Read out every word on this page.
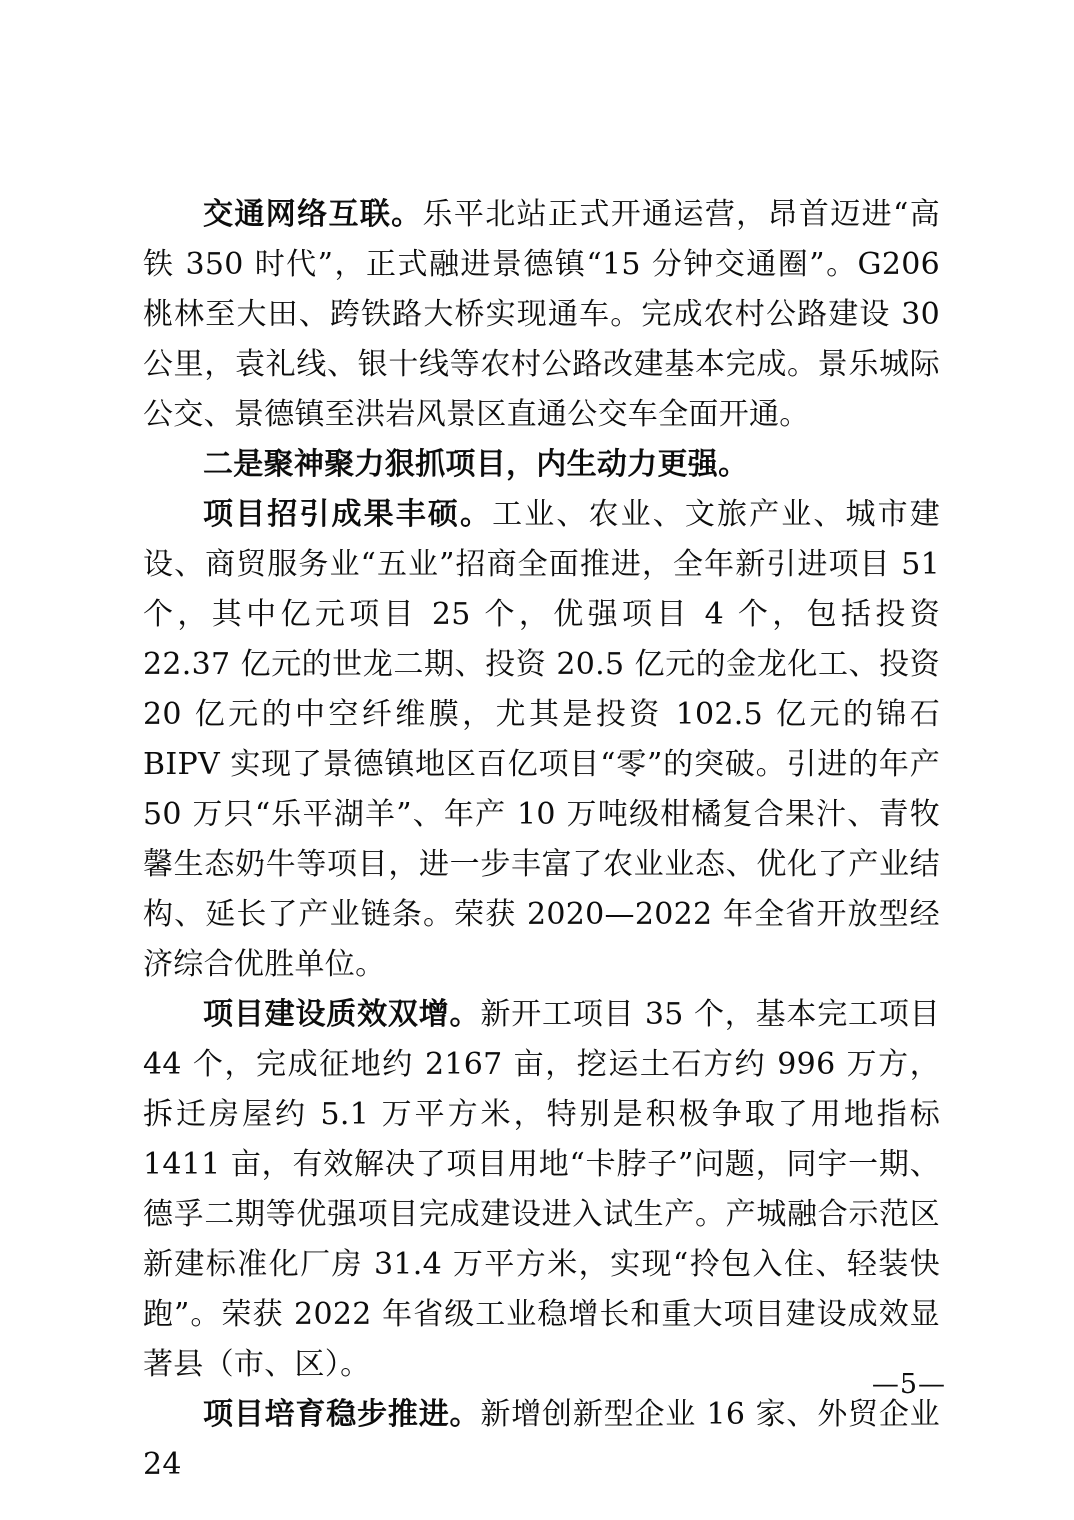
交通网络互联。乐平北站正式开通运营，昂首迈进“高铁 350 时代”，正式融进景德镇“15 分钟交通圈”。G206 桃林至大田、跨铁路大桥实现通车。完成农村公路建设 30 公里，袁礼线、银十线等农村公路改建基本完成。景乐城际公交、景德镇至洪岩风景区直通公交车全面开通。

二是聚神聚力狠抓项目，内生动力更强。

项目招引成果丰硕。工业、农业、文旅产业、城市建设、商贸服务业“五业”招商全面推进，全年新引进项目 51 个，其中亿元项目 25 个，优强项目 4 个，包括投资 22.37 亿元的世龙二期、投资 20.5 亿元的金龙化工、投资 20 亿元的中空纤维膜，尤其是投资 102.5 亿元的锦石 BIPV 实现了景德镇地区百亿项目“零”的突破。引进的年产 50 万只“乐平湖羊”、年产 10 万吨级柑橘复合果汁、青牧馨生态奶牛等项目，进一步丰富了农业业态、优化了产业结构、延长了产业链条。荣获 2020—2022 年全省开放型经济综合优胜单位。

项目建设质效双增。新开工项目 35 个，基本完工项目 44 个，完成征地约 2167 亩，挖运土石方约 996 万方，拆迁房屋约 5.1 万平方米，特别是积极争取了用地指标 1411 亩，有效解决了项目用地“卡脖子”问题，同宇一期、德孚二期等优强项目完成建设进入试生产。产城融合示范区新建标准化厂房 31.4 万平方米，实现“拎包入住、轻装快跑”。荣获 2022 年省级工业稳增长和重大项目建设成效显著县（市、区）。

项目培育稳步推进。新增创新型企业 16 家、外贸企业 24

—5—
